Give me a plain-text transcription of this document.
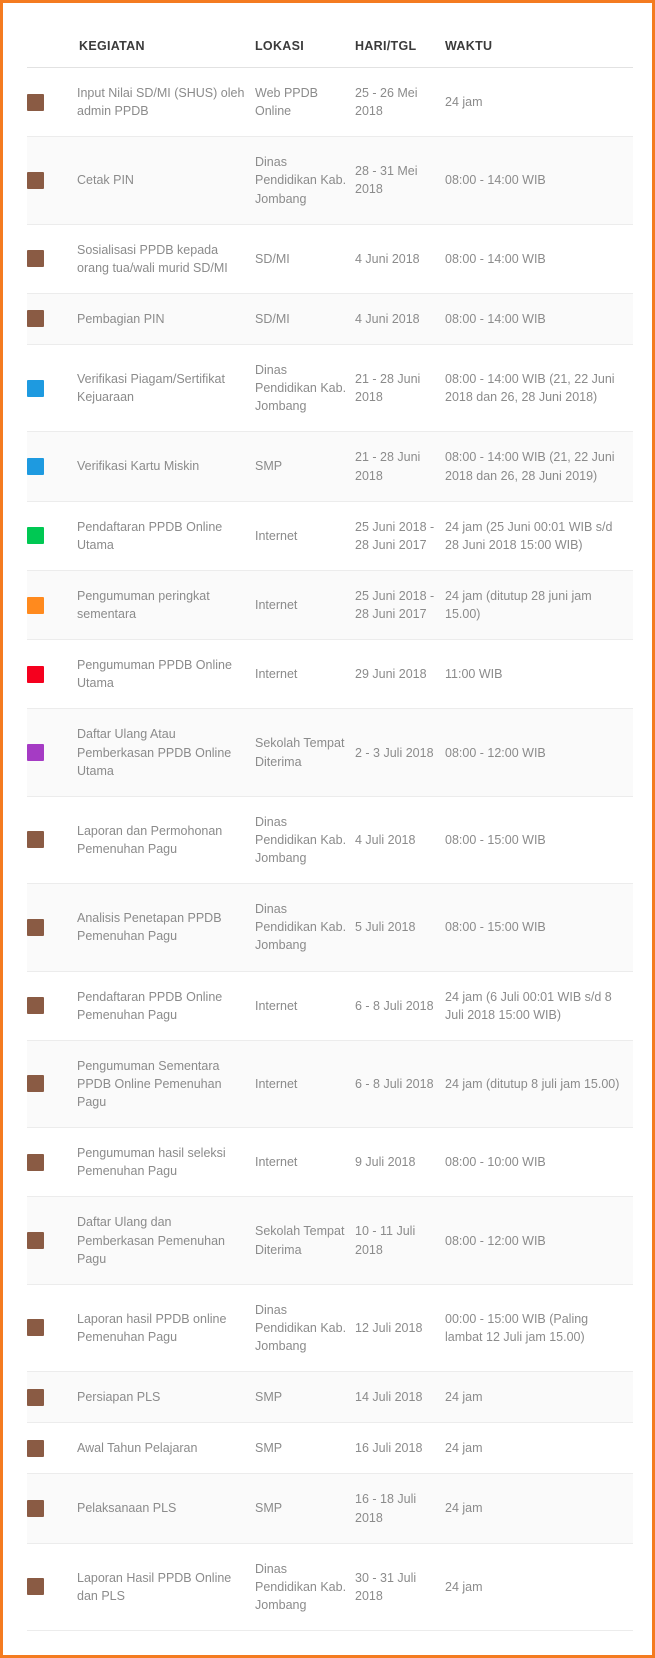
	KEGIATAN	LOKASI	HARI/TGL	WAKTU

	Input Nilai SD/MI (SHUS) oleh admin PPDB	Web PPDB Online	25 - 26 Mei 2018	24 jam

	Cetak PIN	Dinas Pendidikan Kab. Jombang	28 - 31 Mei 2018	08:00 - 14:00 WIB

	Sosialisasi PPDB kepada orang tua/wali murid SD/MI	SD/MI	4 Juni 2018	08:00 - 14:00 WIB

	Pembagian PIN	SD/MI	4 Juni 2018	08:00 - 14:00 WIB

	Verifikasi Piagam/Sertifikat Kejuaraan	Dinas Pendidikan Kab. Jombang	21 - 28 Juni 2018	08:00 - 14:00 WIB (21, 22 Juni 2018 dan 26, 28 Juni 2018)

	Verifikasi Kartu Miskin	SMP	21 - 28 Juni 2018	08:00 - 14:00 WIB (21, 22 Juni 2018 dan 26, 28 Juni 2019)

	Pendaftaran PPDB Online Utama	Internet	25 Juni 2018 - 28 Juni 2017	24 jam (25 Juni 00:01 WIB s/d 28 Juni 2018 15:00 WIB)

	Pengumuman peringkat sementara	Internet	25 Juni 2018 - 28 Juni 2017	24 jam (ditutup 28 juni jam 15.00)

	Pengumuman PPDB Online Utama	Internet	29 Juni 2018	11:00 WIB

	Daftar Ulang Atau Pemberkasan PPDB Online Utama	Sekolah Tempat Diterima	2 - 3 Juli 2018	08:00 - 12:00 WIB

	Laporan dan Permohonan Pemenuhan Pagu	Dinas Pendidikan Kab. Jombang	4 Juli 2018	08:00 - 15:00 WIB

	Analisis Penetapan PPDB Pemenuhan Pagu	Dinas Pendidikan Kab. Jombang	5 Juli 2018	08:00 - 15:00 WIB

	Pendaftaran PPDB Online Pemenuhan Pagu	Internet	6 - 8 Juli 2018	24 jam (6 Juli 00:01 WIB s/d 8 Juli 2018 15:00 WIB)

	Pengumuman Sementara PPDB Online Pemenuhan Pagu	Internet	6 - 8 Juli 2018	24 jam (ditutup 8 juli jam 15.00)

	Pengumuman hasil seleksi Pemenuhan Pagu	Internet	9 Juli 2018	08:00 - 10:00 WIB

	Daftar Ulang dan Pemberkasan Pemenuhan Pagu	Sekolah Tempat Diterima	10 - 11 Juli 2018	08:00 - 12:00 WIB

	Laporan hasil PPDB online Pemenuhan Pagu	Dinas Pendidikan Kab. Jombang	12 Juli 2018	00:00 - 15:00 WIB (Paling lambat 12 Juli jam 15.00)

	Persiapan PLS	SMP	14 Juli 2018	24 jam

	Awal Tahun Pelajaran	SMP	16 Juli 2018	24 jam

	Pelaksanaan PLS	SMP	16 - 18 Juli 2018	24 jam

	Laporan Hasil PPDB Online dan PLS	Dinas Pendidikan Kab. Jombang	30 - 31 Juli 2018	24 jam
